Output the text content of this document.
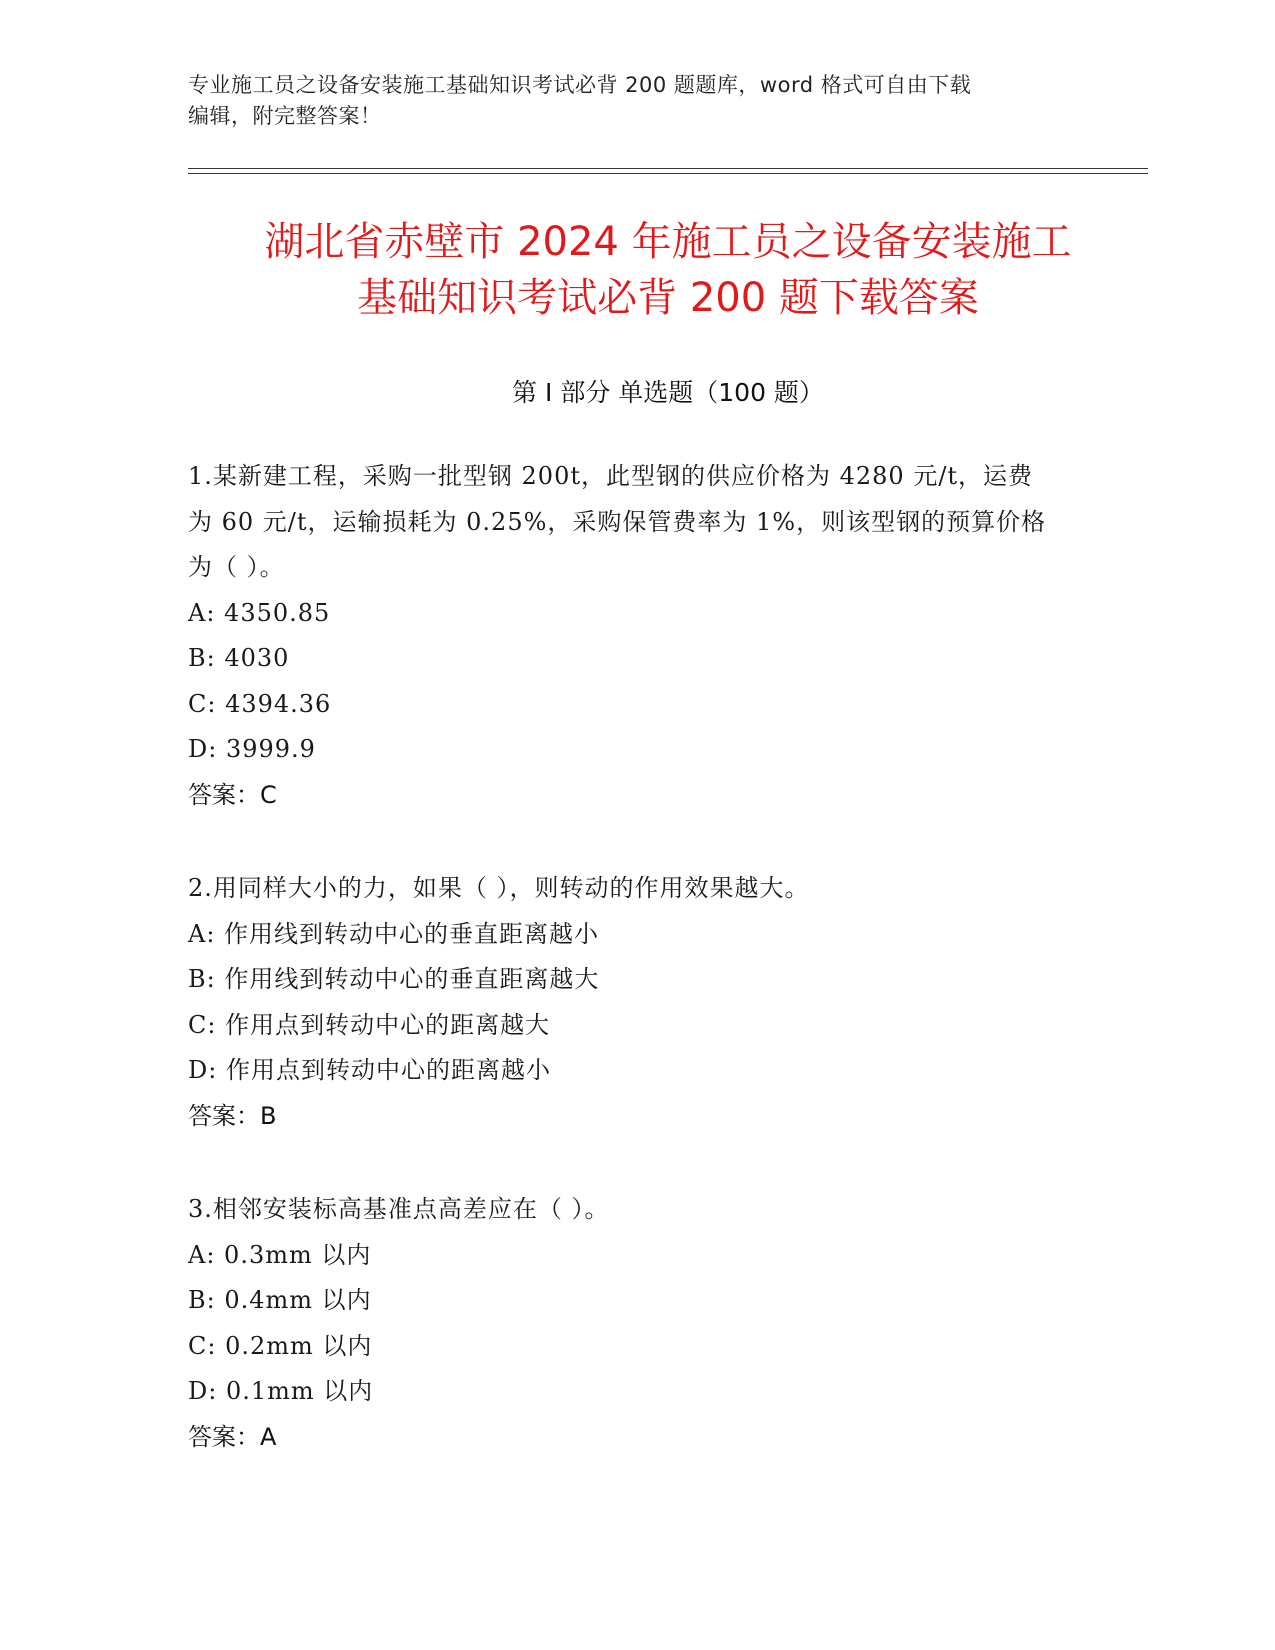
专业施工员之设备安装施工基础知识考试必背 200 题题库，word 格式可自由下载
编辑，附完整答案！
湖北省赤壁市 2024 年施工员之设备安装施工
基础知识考试必背 200 题下载答案
第 I 部分 单选题（100 题）
1.某新建工程，采购一批型钢 200t，此型钢的供应价格为 4280 元/t，运费为 60 元/t，运输损耗为 0.25%，采购保管费率为 1%，则该型钢的预算价格为（ ）。
A: 4350.85
B: 4030
C: 4394.36
D: 3999.9
答案：C
2.用同样大小的力，如果（ ），则转动的作用效果越大。
A: 作用线到转动中心的垂直距离越小
B: 作用线到转动中心的垂直距离越大
C: 作用点到转动中心的距离越大
D: 作用点到转动中心的距离越小
答案：B
3.相邻安装标高基准点高差应在（ ）。
A: 0.3mm 以内
B: 0.4mm 以内
C: 0.2mm 以内
D: 0.1mm 以内
答案：A
